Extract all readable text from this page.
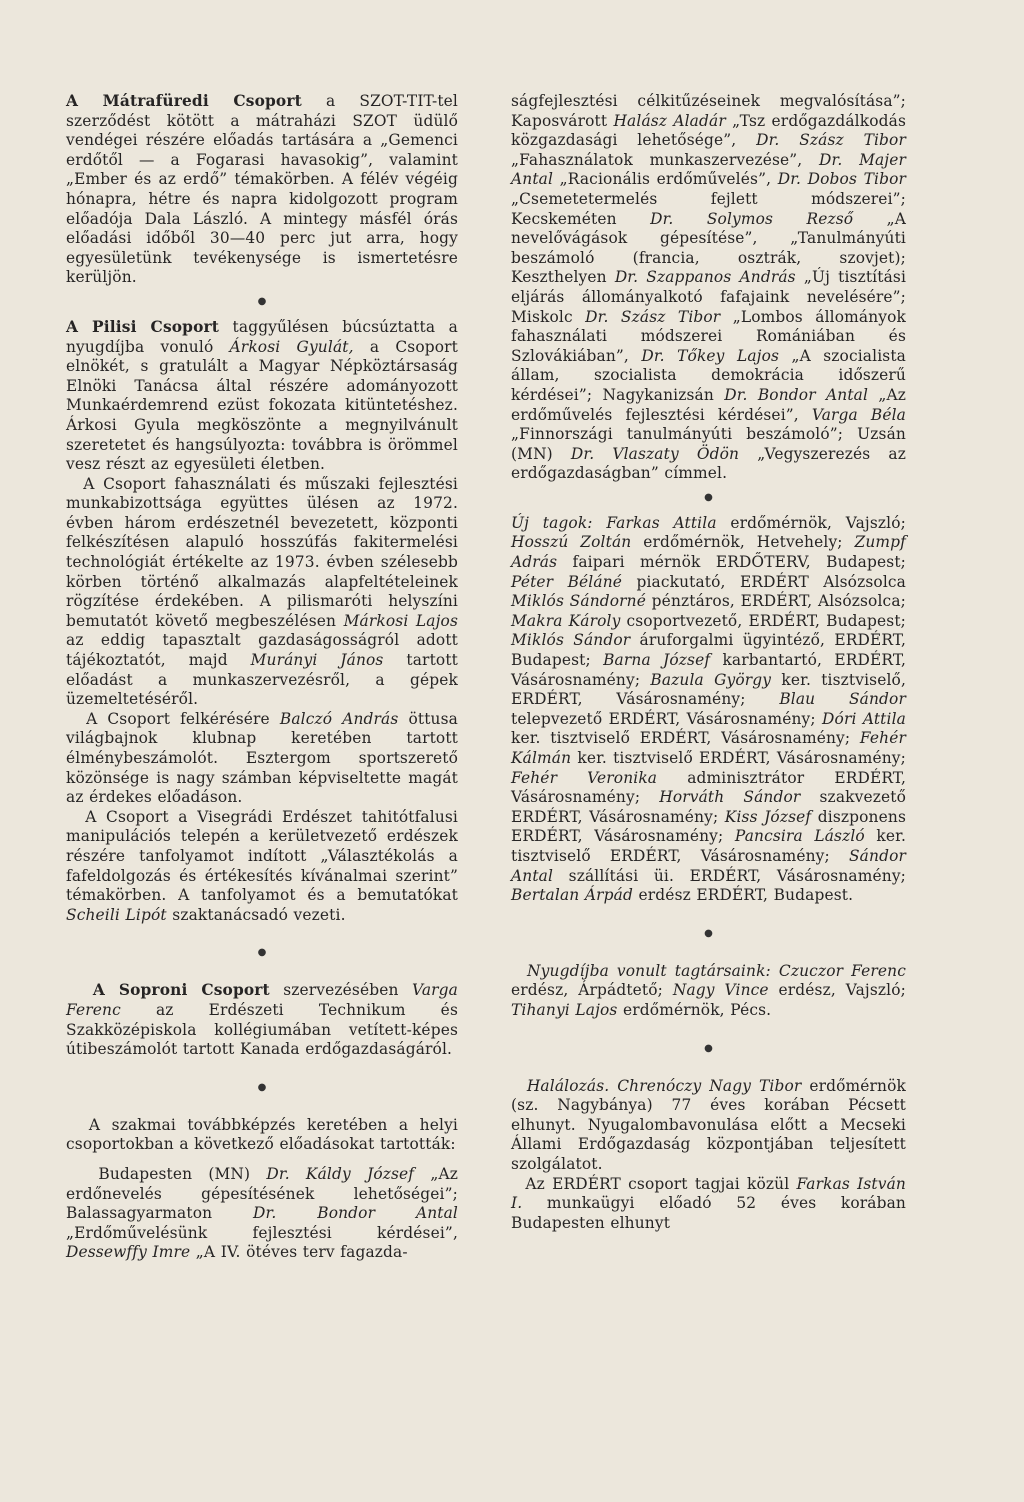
A Mátrafüredi Csoport a SZOT-TIT-tel szerződést kötött a mátraházi SZOT üdülő vendégei részére előadás tartására a „Gemenci erdőtől — a Fogarasi havasokig”, valamint „Ember és az erdő” témakörben. A félév végéig hónapra, hétre és napra kidolgozott program előadója Dala László. A mintegy másfél órás előadási időből 30—40 perc jut arra, hogy egyesületünk tevékenysége is ismertetésre kerüljön.

●

A Pilisi Csoport taggyűlésen búcsúztatta a nyugdíjba vonuló Árkosi Gyulát, a Csoport elnökét, s gratulált a Magyar Népköztársaság Elnöki Tanácsa által részére adományozott Munkaérdemrend ezüst fokozata kitüntetéshez. Árkosi Gyula megköszönte a megnyilvánult szeretetet és hangsúlyozta: továbbra is örömmel vesz részt az egyesületi életben.

A Csoport fahasználati és műszaki fejlesztési munkabizottsága együttes ülésen az 1972. évben három erdészetnél bevezetett, központi felkészítésen alapuló hosszúfás fakitermelési technológiát értékelte az 1973. évben szélesebb körben történő alkalmazás alapfeltételeinek rögzítése érdekében. A pilismaróti helyszíni bemutatót követő megbeszélésen Márkosi Lajos az eddig tapasztalt gazdaságosságról adott tájékoztatót, majd Murányi János tartott előadást a munkaszervezésről, a gépek üzemeltetéséről.

A Csoport felkérésére Balczó András öttusa világbajnok klubnap keretében tartott élménybeszámolót. Esztergom sportszerető közönsége is nagy számban képviseltette magát az érdekes előadáson.

A Csoport a Visegrádi Erdészet tahitótfalusi manipulációs telepén a kerületvezető erdészek részére tanfolyamot indított „Választékolás a fafeldolgozás és értékesítés kívánalmai szerint” témakörben. A tanfolyamot és a bemutatókat Scheili Lipót szaktanácsadó vezeti.

●

A Soproni Csoport szervezésében Varga Ferenc az Erdészeti Technikum és Szakközépiskola kollégiumában vetített-képes útibeszámolót tartott Kanada erdőgazdaságáról.

●

A szakmai továbbképzés keretében a helyi csoportokban a következő előadásokat tartották:

Budapesten (MN) Dr. Káldy József „Az erdőnevelés gépesítésének lehetőségei”; Balassagyarmaton Dr. Bondor Antal „Erdőművelésünk fejlesztési kérdései”, Dessewffy Imre „A IV. ötéves terv fagazda-

ságfejlesztési célkitűzéseinek megvalósítása”; Kaposvárott Halász Aladár „Tsz erdőgazdálkodás közgazdasági lehetősége”, Dr. Szász Tibor „Fahasználatok munkaszervezése”, Dr. Majer Antal „Racionális erdőművelés”, Dr. Dobos Tibor „Csemetetermelés fejlett módszerei”; Kecskeméten Dr. Solymos Rezső „A nevelővágások gépesítése”, „Tanulmányúti beszámoló (francia, osztrák, szovjet); Keszthelyen Dr. Szappanos András „Új tisztítási eljárás állományalkotó fafajaink nevelésére”; Miskolc Dr. Szász Tibor „Lombos állományok fahasználati módszerei Romániában és Szlovákiában”, Dr. Tőkey Lajos „A szocialista állam, szocialista demokrácia időszerű kérdései”; Nagykanizsán Dr. Bondor Antal „Az erdőművelés fejlesztési kérdései”, Varga Béla „Finnországi tanulmányúti beszámoló”; Uzsán (MN) Dr. Vlaszaty Ödön „Vegyszerezés az erdőgazdaságban” címmel.

●

Új tagok: Farkas Attila erdőmérnök, Vajszló; Hosszú Zoltán erdőmérnök, Hetvehely; Zumpf Adrás faipari mérnök ERDŐTERV, Budapest; Péter Béláné piackutató, ERDÉRT Alsózsolca Miklós Sándorné pénztáros, ERDÉRT, Alsózsolca; Makra Károly csoportvezető, ERDÉRT, Budapest; Miklós Sándor áruforgalmi ügyintéző, ERDÉRT, Budapest; Barna József karbantartó, ERDÉRT, Vásárosnamény; Bazula György ker. tisztviselő, ERDÉRT, Vásárosnamény; Blau Sándor telepvezető ERDÉRT, Vásárosnamény; Dóri Attila ker. tisztviselő ERDÉRT, Vásárosnamény; Fehér Kálmán ker. tisztviselő ERDÉRT, Vásárosnamény; Fehér Veronika adminisztrátor ERDÉRT, Vásárosnamény; Horváth Sándor szakvezető ERDÉRT, Vásárosnamény; Kiss József diszponens ERDÉRT, Vásárosnamény; Pancsira László ker. tisztviselő ERDÉRT, Vásárosnamény; Sándor Antal szállítási üi. ERDÉRT, Vásárosnamény; Bertalan Árpád erdész ERDÉRT, Budapest.

●

Nyugdíjba vonult tagtársaink: Czuczor Ferenc erdész, Árpádtető; Nagy Vince erdész, Vajszló; Tihanyi Lajos erdőmérnök, Pécs.

●

Halálozás. Chrenóczy Nagy Tibor erdőmérnök (sz. Nagybánya) 77 éves korában Pécsett elhunyt. Nyugalombavonulása előtt a Mecseki Állami Erdőgazdaság központjában teljesített szolgálatot.

Az ERDÉRT csoport tagjai közül Farkas István I. munkaügyi előadó 52 éves korában Budapesten elhunyt
